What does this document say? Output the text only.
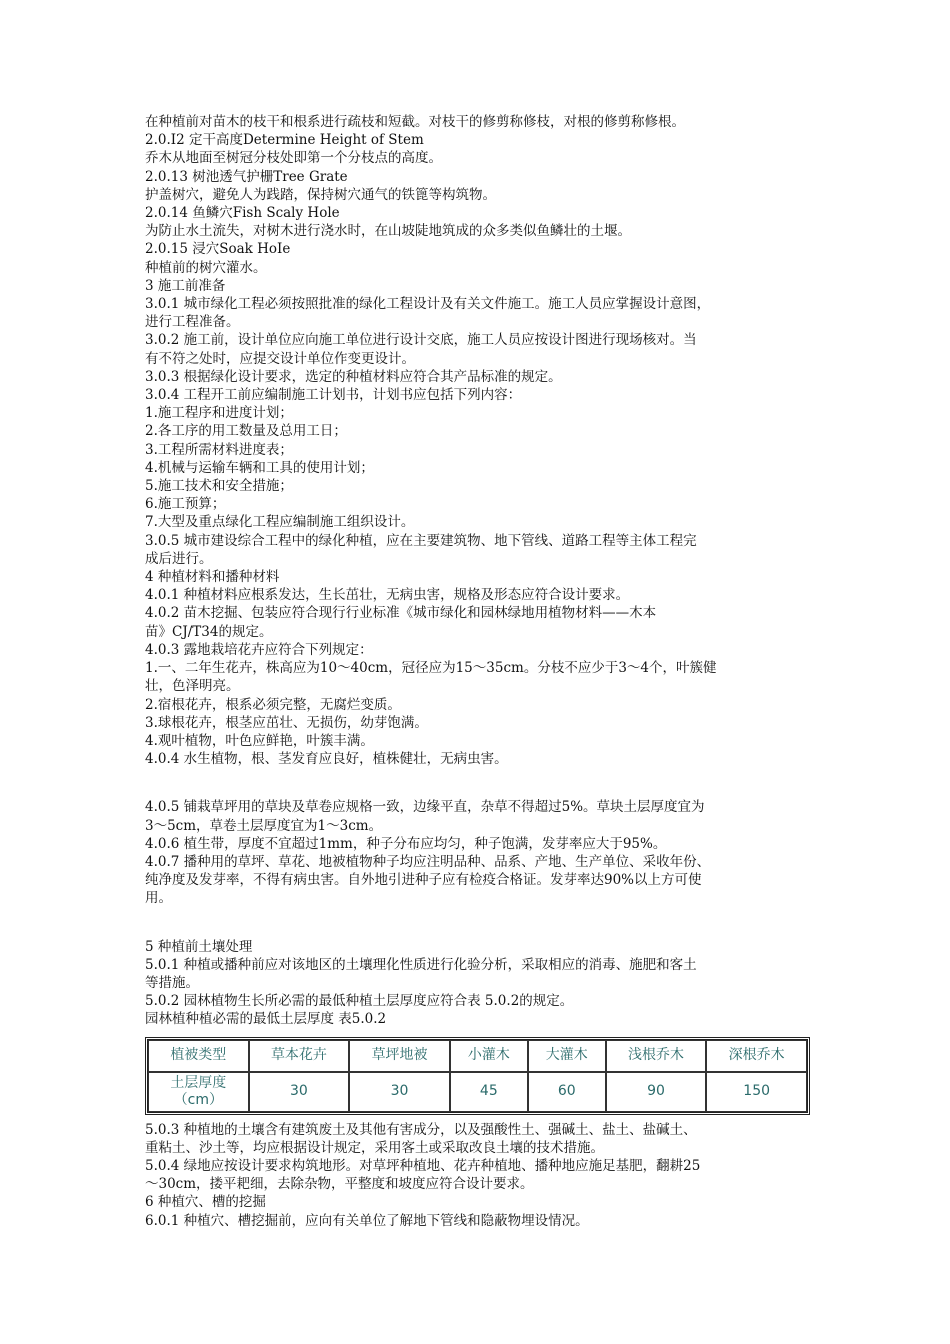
在种植前对苗木的枝干和根系进行疏枝和短截。对枝干的修剪称修枝，对根的修剪称修根。
2.0.I2 定干高度Determine Height of Stem
乔木从地面至树冠分枝处即第一个分枝点的高度。
2.0.13 树池透气护栅Tree Grate
护盖树穴，避免人为践踏，保持树穴通气的铁篦等构筑物。
2.0.14 鱼鳞穴Fish Scaly Hole
为防止水土流失，对树木进行浇水时，在山坡陡地筑成的众多类似鱼鳞壮的土堰。
2.0.15 浸穴Soak HoIe
种植前的树穴灌水。
3 施工前准备
3.0.1 城市绿化工程必须按照批准的绿化工程设计及有关文件施工。施工人员应掌握设计意图，
进行工程准备。
3.0.2 施工前，设计单位应向施工单位进行设计交底，施工人员应按设计图进行现场核对。当
有不符之处时，应提交设计单位作变更设计。
3.0.3 根据绿化设计要求，选定的种植材料应符合其产品标准的规定。
3.0.4 工程开工前应编制施工计划书，计划书应包括下列内容：
1.施工程序和进度计划；
2.各工序的用工数量及总用工日；
3.工程所需材料进度表；
4.机械与运输车辆和工具的使用计划；
5.施工技术和安全措施；
6.施工预算；
7.大型及重点绿化工程应编制施工组织设计。
3.0.5 城市建设综合工程中的绿化种植，应在主要建筑物、地下管线、道路工程等主体工程完
成后进行。
4 种植材料和播种材料
4.0.1 种植材料应根系发达，生长茁壮，无病虫害，规格及形态应符合设计要求。
4.0.2 苗木挖掘、包装应符合现行行业标准《城市绿化和园林绿地用植物材料——木本
苗》CJ/T34的规定。
4.0.3 露地栽培花卉应符合下列规定：
1.一、二年生花卉，株高应为10～40cm，冠径应为15～35cm。分枝不应少于3～4个，叶簇健
壮，色泽明亮。
2.宿根花卉，根系必须完整，无腐烂变质。
3.球根花卉，根茎应茁壮、无损伤，幼芽饱满。
4.观叶植物，叶色应鲜艳，叶簇丰满。
4.0.4 水生植物，根、茎发育应良好，植株健壮，无病虫害。
4.0.5 铺栽草坪用的草块及草卷应规格一致，边缘平直，杂草不得超过5%。草块土层厚度宜为
3～5cm，草卷土层厚度宜为1～3cm。
4.0.6 植生带，厚度不宜超过1mm，种子分布应均匀，种子饱满，发芽率应大于95%。
4.0.7 播种用的草坪、草花、地被植物种子均应注明品种、品系、产地、生产单位、采收年份、
纯净度及发芽率，不得有病虫害。自外地引进种子应有检疫合格证。发芽率达90%以上方可使
用。
5 种植前土壤处理
5.0.1 种植或播种前应对该地区的土壤理化性质进行化验分析，采取相应的消毒、施肥和客土
等措施。
5.0.2 园林植物生长所必需的最低种植土层厚度应符合表 5.0.2的规定。
园林植种植必需的最低土层厚度 表5.0.2
植被类型	草本花卉	草坪地被	小灌木	大灌木	浅根乔木	深根乔木

土层厚度
（cm）	30	30	45	60	90	150
5.0.3 种植地的土壤含有建筑废土及其他有害成分，以及强酸性土、强碱土、盐土、盐碱土、
重粘土、沙土等，均应根据设计规定，采用客土或采取改良土壤的技术措施。
5.0.4 绿地应按设计要求构筑地形。对草坪种植地、花卉种植地、播种地应施足基肥，翻耕25
～30cm，搂平耙细，去除杂物，平整度和坡度应符合设计要求。
6 种植穴、槽的挖掘
6.0.1 种植穴、槽挖掘前，应向有关单位了解地下管线和隐蔽物埋设情况。
